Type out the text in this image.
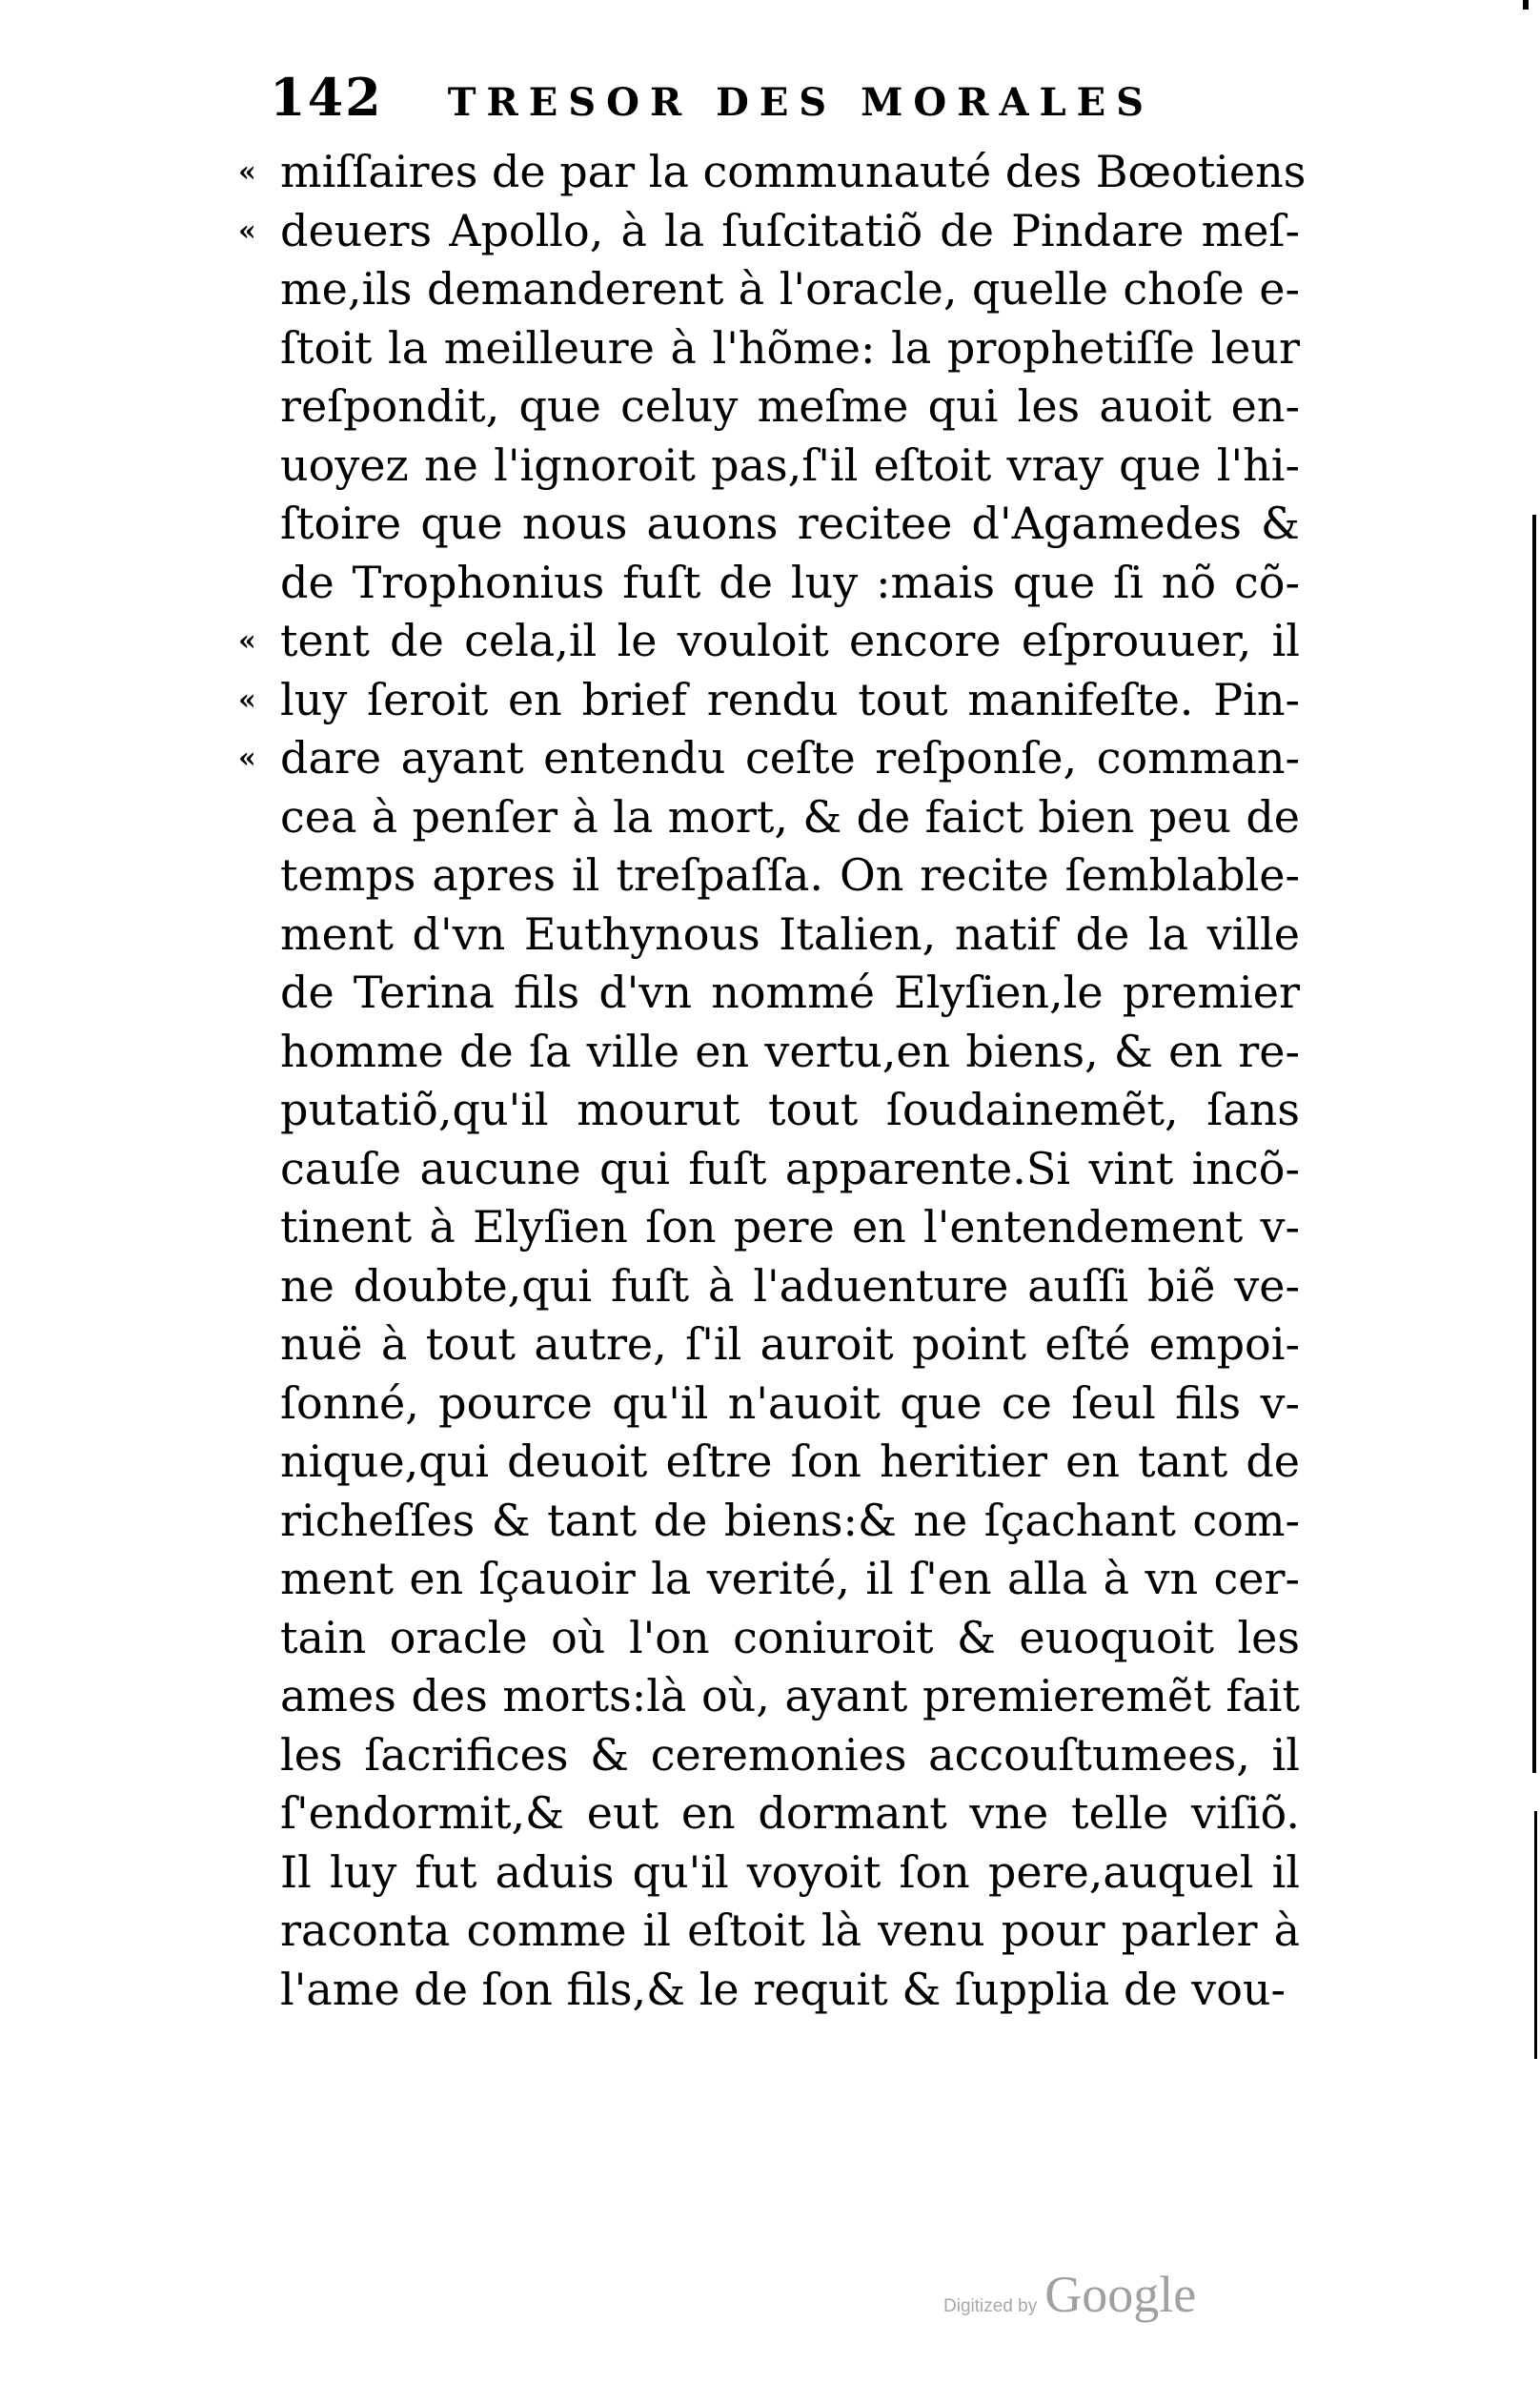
142 TRESOR DES MORALES
« miſſaires de par la communauté des Bœotiens
« deuers Apollo, à la ſuſcitatiõ de Pindare meſ-
me,ils demanderent à l'oracle, quelle choſe e-
ſtoit la meilleure à l'hõme: la prophetiſſe leur
reſpondit, que celuy meſme qui les auoit en-
uoyez ne l'ignoroit pas,ſ'il eſtoit vray que l'hi-
ſtoire que nous auons recitee d'Agamedes &
de Trophonius fuſt de luy :mais que ſi nõ cõ-
« tent de cela,il le vouloit encore eſprouuer, il
« luy ſeroit en brief rendu tout manifeſte. Pin-
« dare ayant entendu ceſte reſponſe, comman-
cea à penſer à la mort, & de faict bien peu de
temps apres il treſpaſſa. On recite ſemblable-
ment d'vn Euthynous Italien, natif de la ville
de Terina fils d'vn nommé Elyſien,le premier
homme de ſa ville en vertu,en biens, & en re-
putatiõ,qu'il mourut tout ſoudainemẽt, ſans
cauſe aucune qui fuſt apparente.Si vint incõ-
tinent à Elyſien ſon pere en l'entendement v-
ne doubte,qui fuſt à l'aduenture auſſi biẽ ve-
nuë à tout autre, ſ'il auroit point eſté empoi-
ſonné, pource qu'il n'auoit que ce ſeul fils v-
nique,qui deuoit eſtre ſon heritier en tant de
richeſſes & tant de biens:& ne ſçachant com-
ment en ſçauoir la verité, il ſ'en alla à vn cer-
tain oracle où l'on coniuroit & euoquoit les
ames des morts:là où, ayant premieremẽt fait
les ſacrifices & ceremonies accouſtumees, il
ſ'endormit,& eut en dormant vne telle viſiõ.
Il luy fut aduis qu'il voyoit ſon pere,auquel il
raconta comme il eſtoit là venu pour parler à
l'ame de ſon fils,& le requit & ſupplia de vou-
Digitized by Google
